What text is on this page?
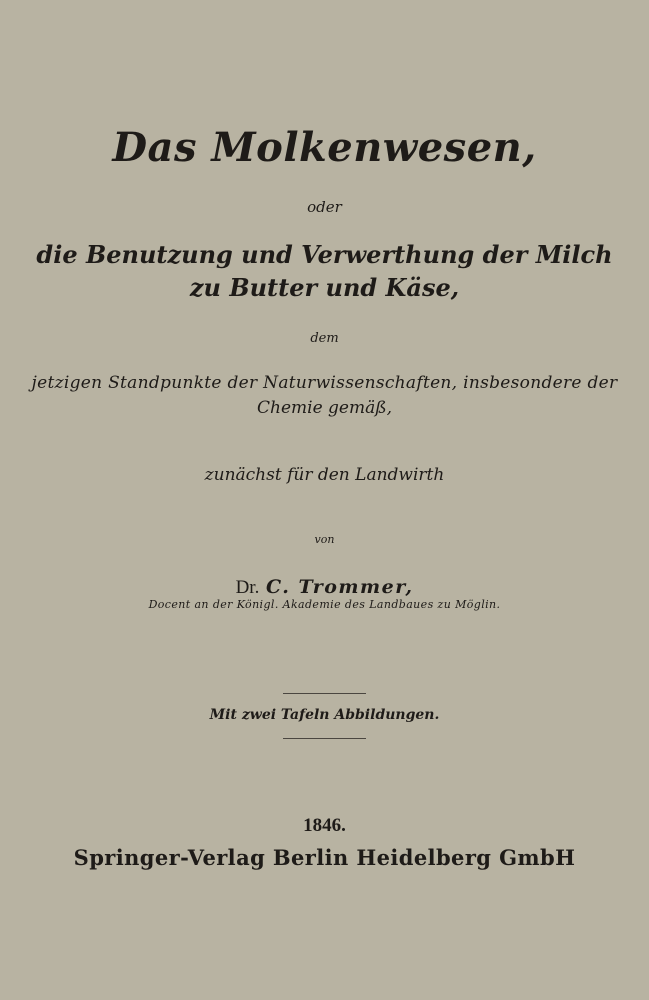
Das Molkenwesen,
oder
die Benutzung und Verwerthung der Milch
zu Butter und Käse,
dem
jetzigen Standpunkte der Naturwissenschaften, insbesondere der
Chemie gemäß,
zunächst für den Landwirth
von
Dr. C. Trommer,
Docent an der Königl. Akademie des Landbaues zu Möglin.
Mit zwei Tafeln Abbildungen.
1846.
Springer-Verlag Berlin Heidelberg GmbH
